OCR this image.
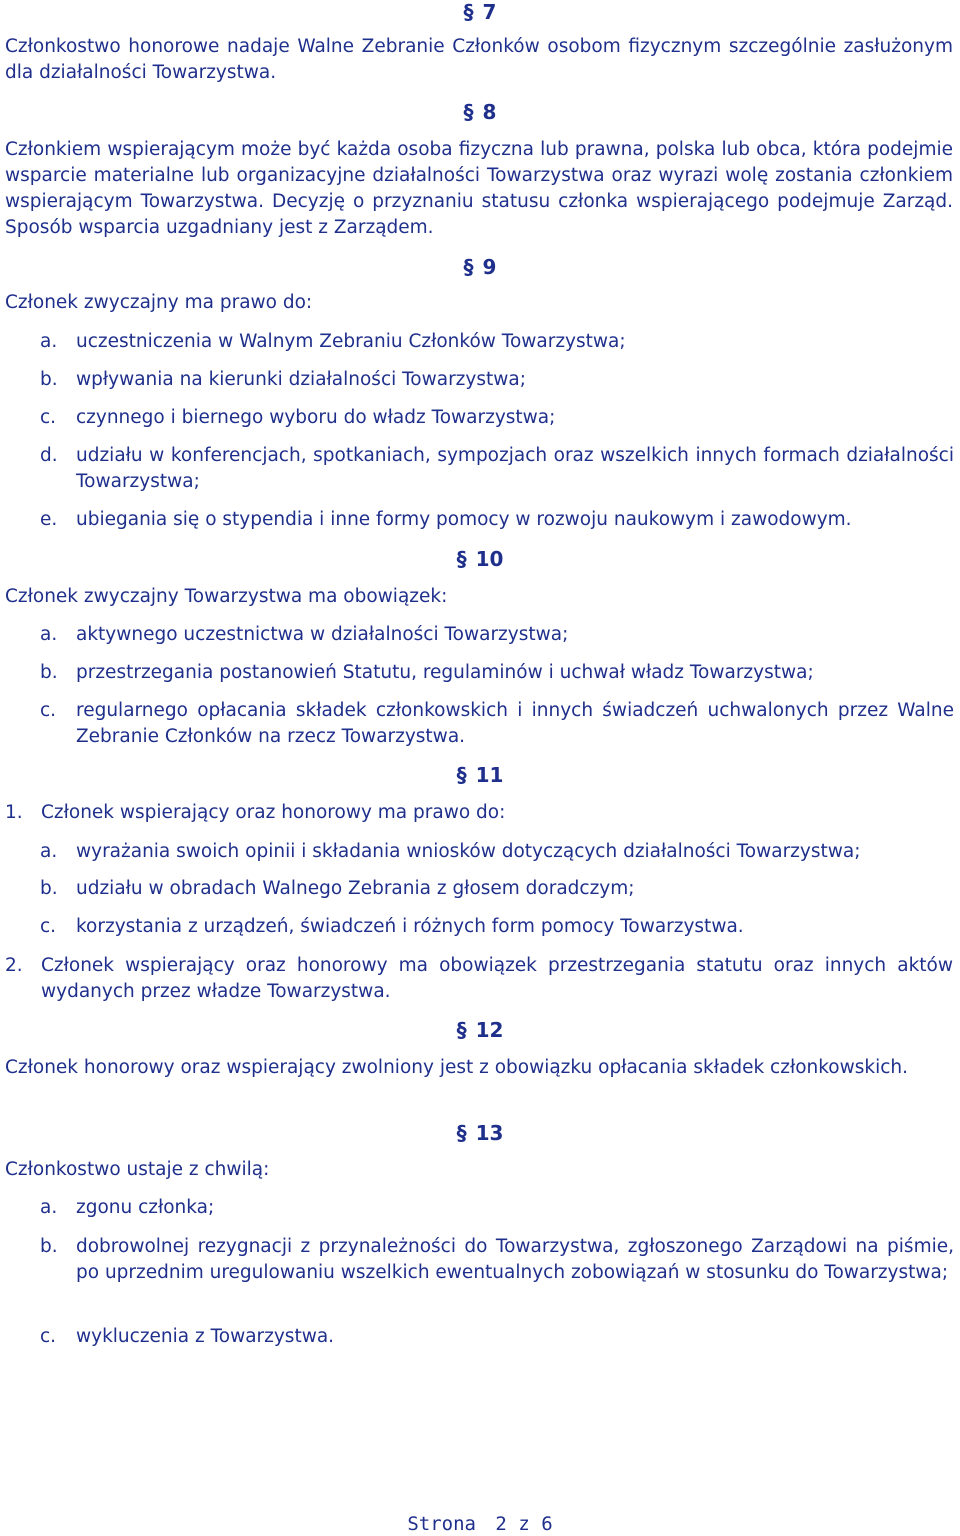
§ 7
Członkostwo honorowe nadaje Walne Zebranie Członków osobom fizycznym szczególnie zasłużonym dla działalności Towarzystwa.
§ 8
Członkiem wspierającym może być każda osoba fizyczna lub prawna, polska lub obca, która podejmie wsparcie materialne lub organizacyjne działalności Towarzystwa oraz wyrazi wolę zostania członkiem wspierającym Towarzystwa. Decyzję o przyznaniu statusu członka wspierającego podejmuje Zarząd. Sposób wsparcia uzgadniany jest z Zarządem.
§ 9
Członek zwyczajny ma prawo do:
a. uczestniczenia w Walnym Zebraniu Członków Towarzystwa;
b. wpływania na kierunki działalności Towarzystwa;
c. czynnego i biernego wyboru do władz Towarzystwa;
d. udziału w konferencjach, spotkaniach, sympozjach oraz wszelkich innych formach działalności Towarzystwa;
e. ubiegania się o stypendia i inne formy pomocy w rozwoju naukowym i zawodowym.
§ 10
Członek zwyczajny Towarzystwa ma obowiązek:
a. aktywnego uczestnictwa w działalności Towarzystwa;
b. przestrzegania postanowień Statutu, regulaminów i uchwał władz Towarzystwa;
c. regularnego opłacania składek członkowskich i innych świadczeń uchwalonych przez Walne Zebranie Członków na rzecz Towarzystwa.
§ 11
1. Członek wspierający oraz honorowy ma prawo do:
a. wyrażania swoich opinii i składania wniosków dotyczących działalności Towarzystwa;
b. udziału w obradach Walnego Zebrania z głosem doradczym;
c. korzystania z urządzeń, świadczeń i różnych form pomocy Towarzystwa.
2. Członek wspierający oraz honorowy ma obowiązek przestrzegania statutu oraz innych aktów wydanych przez władze Towarzystwa.
§ 12
Członek honorowy oraz wspierający zwolniony jest z obowiązku opłacania składek członkowskich.
§ 13
Członkostwo ustaje z chwilą:
a. zgonu członka;
b. dobrowolnej rezygnacji z przynależności do Towarzystwa, zgłoszonego Zarządowi na piśmie, po uprzednim uregulowaniu wszelkich ewentualnych zobowiązań w stosunku do Towarzystwa;
c. wykluczenia z Towarzystwa.
Strona 2 z 6
